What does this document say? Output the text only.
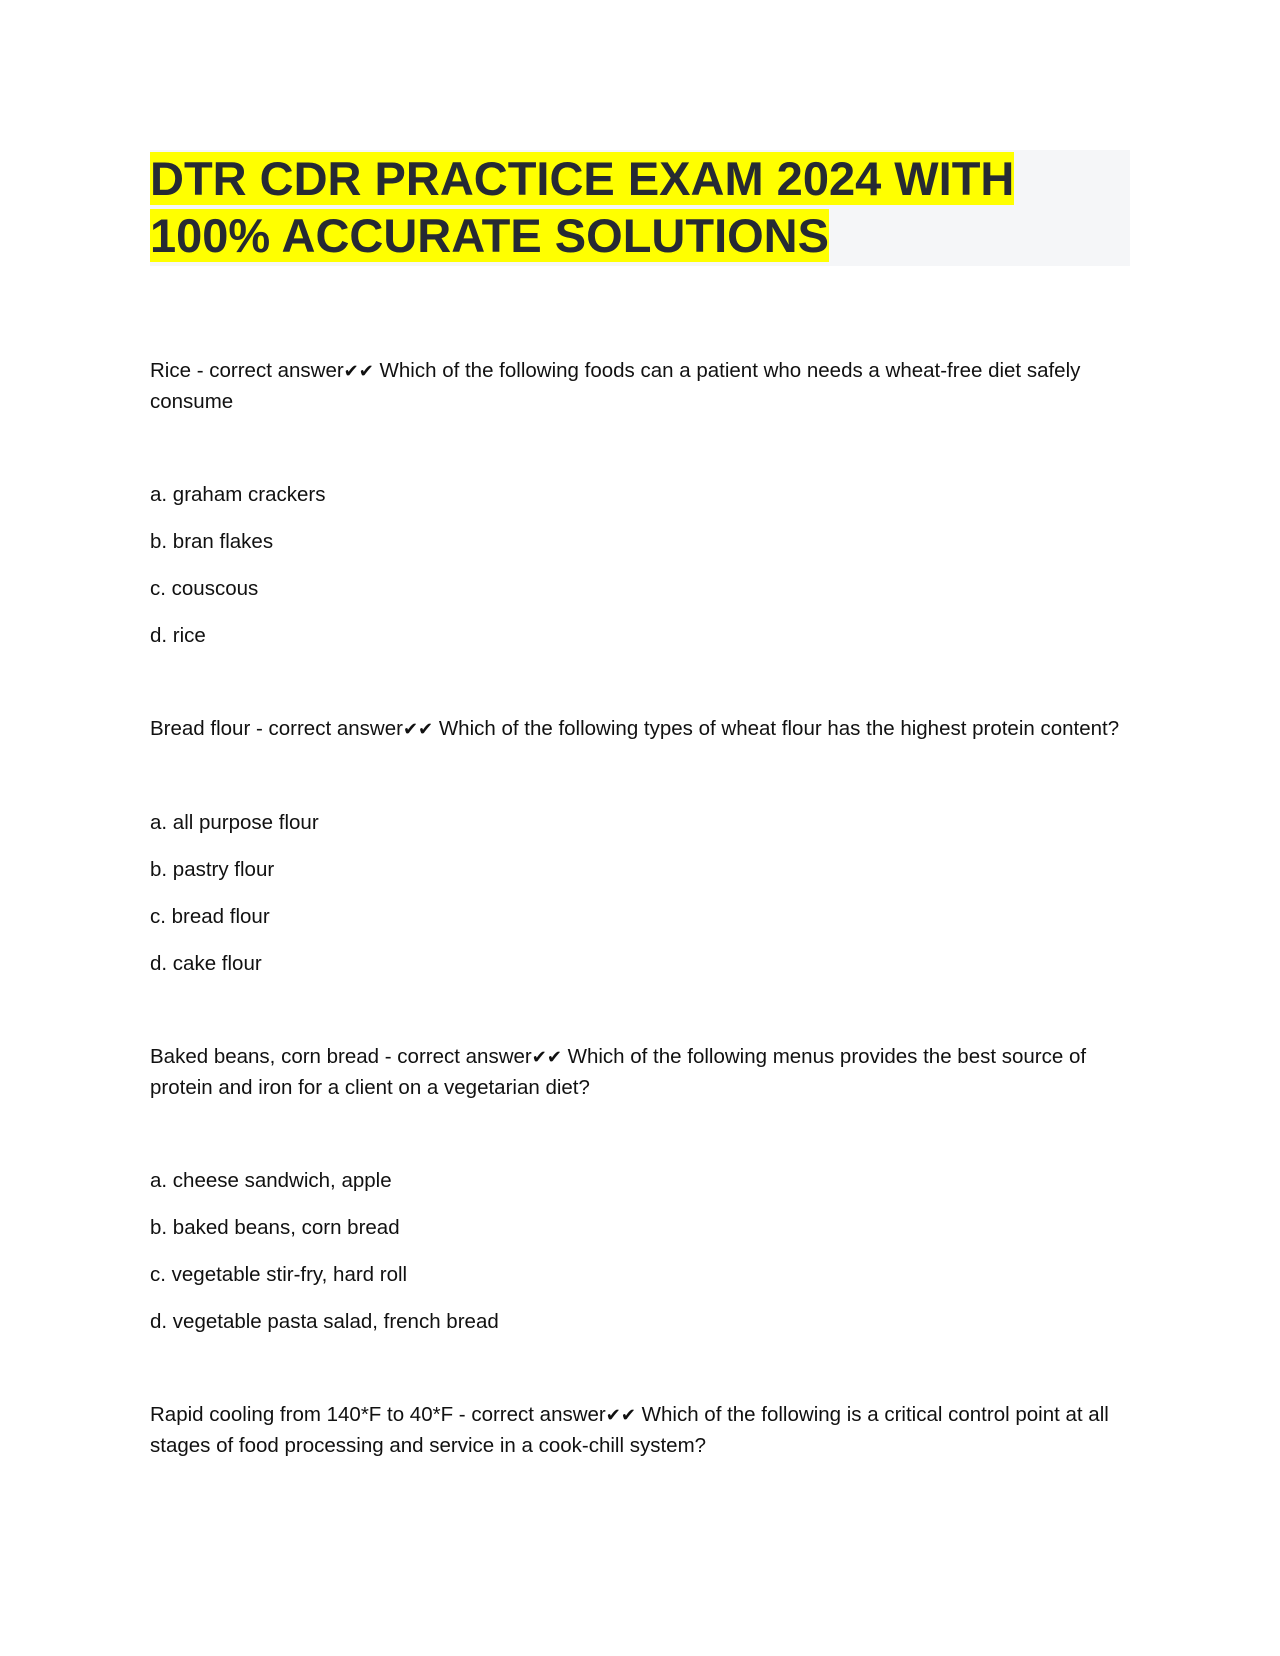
DTR CDR PRACTICE EXAM 2024 WITH 100% ACCURATE SOLUTIONS

Rice - correct answer✔✔ Which of the following foods can a patient who needs a wheat-free diet safely consume

a. graham crackers

b. bran flakes

c. couscous

d. rice

Bread flour - correct answer✔✔ Which of the following types of wheat flour has the highest protein content?

a. all purpose flour

b. pastry flour

c. bread flour

d. cake flour

Baked beans, corn bread - correct answer✔✔ Which of the following menus provides the best source of protein and iron for a client on a vegetarian diet?

a. cheese sandwich, apple

b. baked beans, corn bread

c. vegetable stir-fry, hard roll

d. vegetable pasta salad, french bread

Rapid cooling from 140*F to 40*F - correct answer✔✔ Which of the following is a critical control point at all stages of food processing and service in a cook-chill system?
